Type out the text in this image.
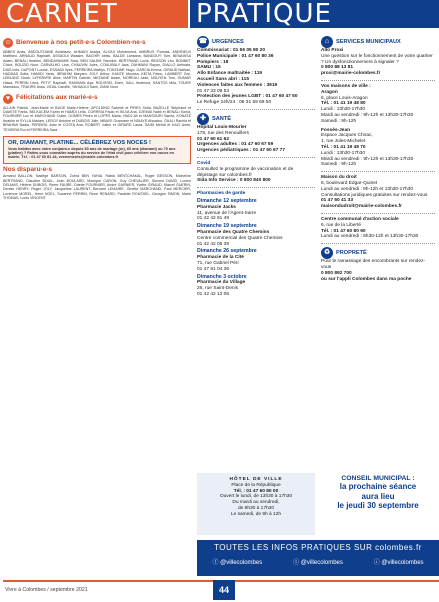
CARNET	PRATIQUE
☺ Bienvenue à nos petit-e-s Colombien-ne-s
ABBES Anas, ABDOUTIJANE Abdelaziz, AHMADI Assiya, ALIOUI Mohammed, AMBRUS Thomas, ANDRIEUX Matthieu, ARNAUD Raphaël, ASSAOUI Wassim, BACHIR Idriss, BALDE Lansana, BANDOLFI Tom, BENAISSA Adam, BENALI Ibrahim, BENDAHMANE Sara, BEN SALEM Yasmine, BERTRAND Lucie, BESSON Léo, BONNET Chloé, BOUZID Nour, CARVALHO Lina, CHAUVIN Jules, COULIBALY Awa, DAHMANI Rayan, DIALLO Aminata, DIAS Inès, DUPONT Louise, ESSAIDI Ilyes, FERREIRA Maëlys, FONTAINE Hugo, GARCIA Emma, GIRAUD Nathan, HADDAD Sofia, HAMIDI Yanis, IBRAHIM Maryam, JOLY Arthur, KANTE Moussa, KEITA Fatou, LAMBERT Zoé, LEBLANC Noah, LEFEBVRE Alice, MARTIN Gabriel, MEZIANE Adam, MOREAU Jade, NGUYEN Tom, OUMAR Hawa, PERRIN Léna, PETIT Raphaël, RAHMANI Aya, ROUSSEL Eden, SALL Ibrahima, SANTOS Mila, TOURE Mamadou, TRAORE Assa, VIDAL Camille, YAHIAOUI Sami, ZIANI Nour
♥ Félicitations aux marié-e-s
ALLAIN Patrick, Jean-Marie et BUGE Marie-Hélène, APOLDINO Salomé et PIRES Sofia, BAZELLE Stéphane et DIAKITE Fanta, BELKACEM Karim et HAMDI Leïla, CORREIA Paulo et SILVA Ana, DJEMAI Nabil et BENALI Sonia, FOURNIER Luc et MARCHAND Claire, GOMES Pedro et LOPES Maria, HADJ Ali et MANSOURI Samia, KONATE Ibrahim et SYLLA Mariam, LEROY Antoine et DUBOIS Julie, MBAYE Ousmane et NDIAYE Aïssatou, OUALI Rachid et BRAHIMI Nadia, PEREIRA Joao et COSTA Ana, ROBERT Julien et GIRARD Laura, SAIDI Mehdi et KACI Amel, TEIXEIRA Rui et FERREIRA Sara
OR, DIAMANT, PLATINE... CÉLÉBREZ VOS NOCES !
Vous habitez avec votre conjoint-e depuis 50 ans de mariage (or), 60 ans (diamant) ou 70 ans (platine) ? Faites-vous connaître auprès du service de l'état civil pour célébrer vos noces en mairie. Tél. : 01 47 60 81 44, evenements@mairie-colombes.fr
Nos disparu-e-s
Armand BALLON, Nadège BARSON, Zohra BEN YAHIA, Rabia BENTCHAKAL, Roger BESSON, Micheline BERTRAND, Claudine BOUIL, Jean BOULARD, Monique CARON, Guy CHEVALIER, Simone DAVID, Lucien DELMAS, Hélène DUBOIS, Pierre FAURE, Odette FOURNIER, André GARNIER, Yvette GIRAUD, Marcel GUERIN, Denise HENRY, Roger JOLY, Jacqueline LAURENT, Bernard LEMAIRE, Ginette MARCHAND, Paul MERCIER, Lucienne MOREL, Henri NOEL, Suzanne PERRIN, René RENARD, Paulette ROUSSEL, Georges SIMON, Marie THOMAS, Louis VINCENT
☎ URGENCES
Commissariat : 01 56 05 80 20
Police Municipale : 01 47 60 80 36
Pompiers : 18
SAMU : 15
Allo Enfance maltraitée : 119
Accueil Sans abri : 115
Violences faites aux femmes : 3919
01 47 33 09 53
Protection des jeunes LGBT : 01 47 60 47 50
Le Refuge 24h/24 : 06 31 59 69 50
✚	SANTÉ
Hôpital Louis-Mourier
178, rue des Renouillers
01 47 60 61 62
Urgences adultes : 01 47 60 67 59
Urgences pédiatriques : 01 47 60 67 77
Covid
Consultez le programme de vaccination et de dépistage sur colombes.fr
Sida Info Service : 0 800 840 800
Pharmacies de garde
Dimanche 12 septembre
Pharmacie Jacks
11, avenue de l'Agent-Sarre
01 42 42 91 49
Dimanche 19 septembre
Pharmacie des Quatre Chemins
Centre commercial des Quatre Chemins
01 42 42 06 39
Dimanche 26 septembre
Pharmacie de la Cité
71, rue Gabriel Péri
01 47 81 04 36
Dimanche 3 octobre
Pharmacie du Village
26, rue Saint-Denis
01 42 42 12 06
⌂	SERVICES MUNICIPAUX
Allo Proxi
Une question sur le fonctionnement de votre quartier ? Un dysfonctionnement à signaler ?
0 800 88 13 81
proxi@mairie-colombes.fr
Vos maisons de ville :
Aragon
6, place Louis-Aragon
Tél. : 01 41 19 48 80
Lundi : 13h30-17h30
Mardi au vendredi : 9h-12h et 13h30-17h30
Samedi : 9h-12h
Fossés-Jean
Espace Jacques Chirac,
1, rue Jules-Michelet
Tél. : 01 41 19 48 70
Lundi : 13h30-17h30
Mardi au vendredi : 9h-12h et 13h30-17h30
Samedi : 9h-12h
Maison du droit
6, boulevard Edgar-Quinet
Lundi au vendredi : 9h-12h et 13h30-17h30
Consultations juridiques gratuites sur rendez-vous
01 47 60 41 33
maisondudroit@mairie-colombes.fr
Centre communal d'action sociale
6, rue de la Liberté
Tél. : 01 47 60 80 90
Lundi au vendredi : 8h30-12h et 13h30-17h30
♻	PROPRETÉ
Pour le ramassage des encombrants sur rendez-vous
0 800 892 700
ou sur l'appli Colombes dans ma poche
HÔTEL DE VILLE
Place de la République
Tél. : 01 47 60 80 00
Ouvert le lundi, de 13h30 à 17h30
Du mardi au vendredi,
de 8h30 à 17h30
Le samedi, de 9h à 12h
CONSEIL MUNICIPAL :
la prochaine séance
aura lieu
le jeudi 30 septembre
TOUTES LES INFOS PRATIQUES SUR colombes.fr
ⓕ @villecolombes	ⓣ @villecolombes	ⓘ @villecolombes
Vivre à Colombes / septembre 2021	44
